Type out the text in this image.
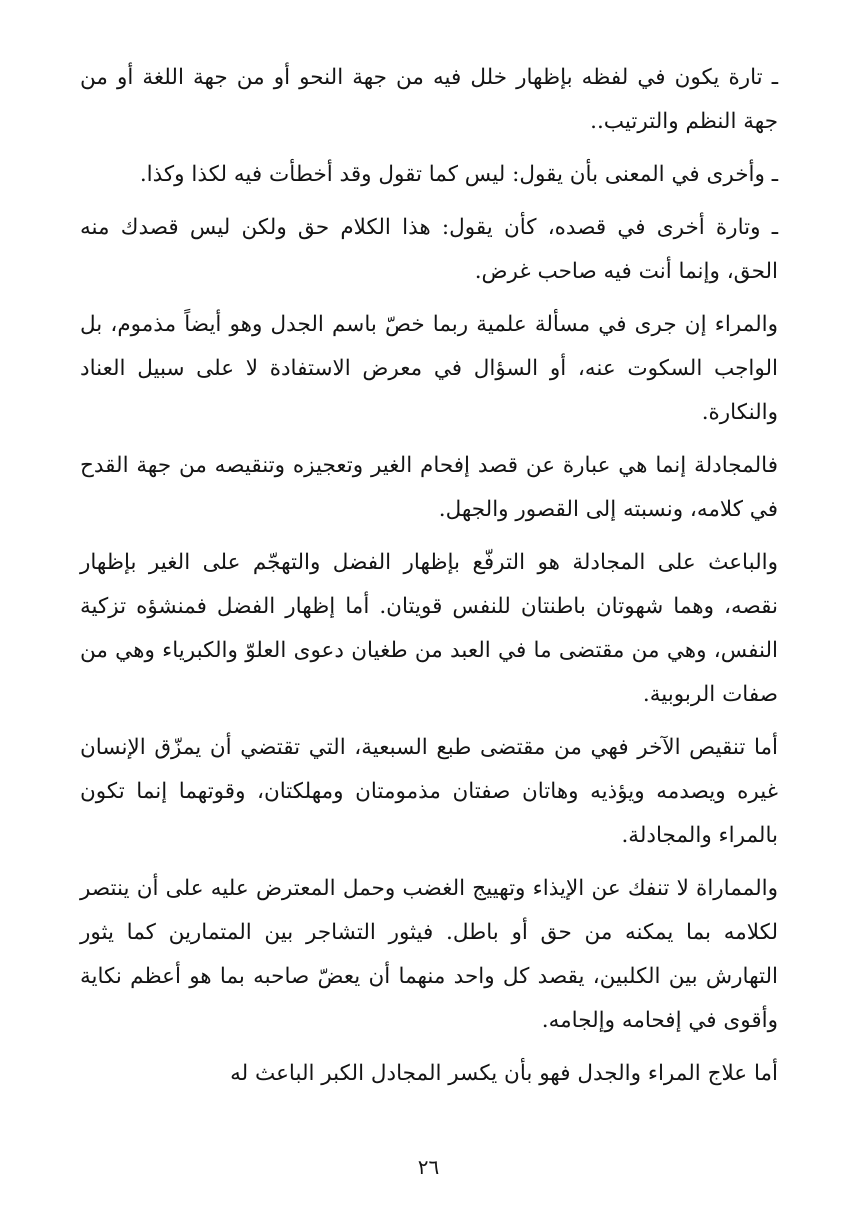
ـ تارة يكون في لفظه بإظهار خلل فيه من جهة النحو أو من جهة اللغة أو من جهة النظم والترتيب..

ـ وأخرى في المعنى بأن يقول: ليس كما تقول وقد أخطأت فيه لكذا وكذا.

ـ وتارة أخرى في قصده، كأن يقول: هذا الكلام حق ولكن ليس قصدك منه الحق، وإنما أنت فيه صاحب غرض.

والمراء إن جرى في مسألة علمية ربما خصّ باسم الجدل وهو أيضاً مذموم، بل الواجب السكوت عنه، أو السؤال في معرض الاستفادة لا على سبيل العناد والنكارة.

فالمجادلة إنما هي عبارة عن قصد إفحام الغير وتعجيزه وتنقيصه من جهة القدح في كلامه، ونسبته إلى القصور والجهل.

والباعث على المجادلة هو الترفّع بإظهار الفضل والتهجّم على الغير بإظهار نقصه، وهما شهوتان باطنتان للنفس قويتان. أما إظهار الفضل فمنشؤه تزكية النفس، وهي من مقتضى ما في العبد من طغيان دعوى العلوّ والكبرياء وهي من صفات الربوبية.

أما تنقيص الآخر فهي من مقتضى طبع السبعية، التي تقتضي أن يمزّق الإنسان غيره ويصدمه ويؤذيه وهاتان صفتان مذمومتان ومهلكتان، وقوتهما إنما تكون بالمراء والمجادلة.

والمماراة لا تنفك عن الإيذاء وتهييج الغضب وحمل المعترض عليه على أن ينتصر لكلامه بما يمكنه من حق أو باطل. فيثور التشاجر بين المتمارين كما يثور التهارش بين الكلبين، يقصد كل واحد منهما أن يعضّ صاحبه بما هو أعظم نكاية وأقوى في إفحامه وإلجامه.

أما علاج المراء والجدل فهو بأن يكسر المجادل الكبر الباعث له

٢٦
